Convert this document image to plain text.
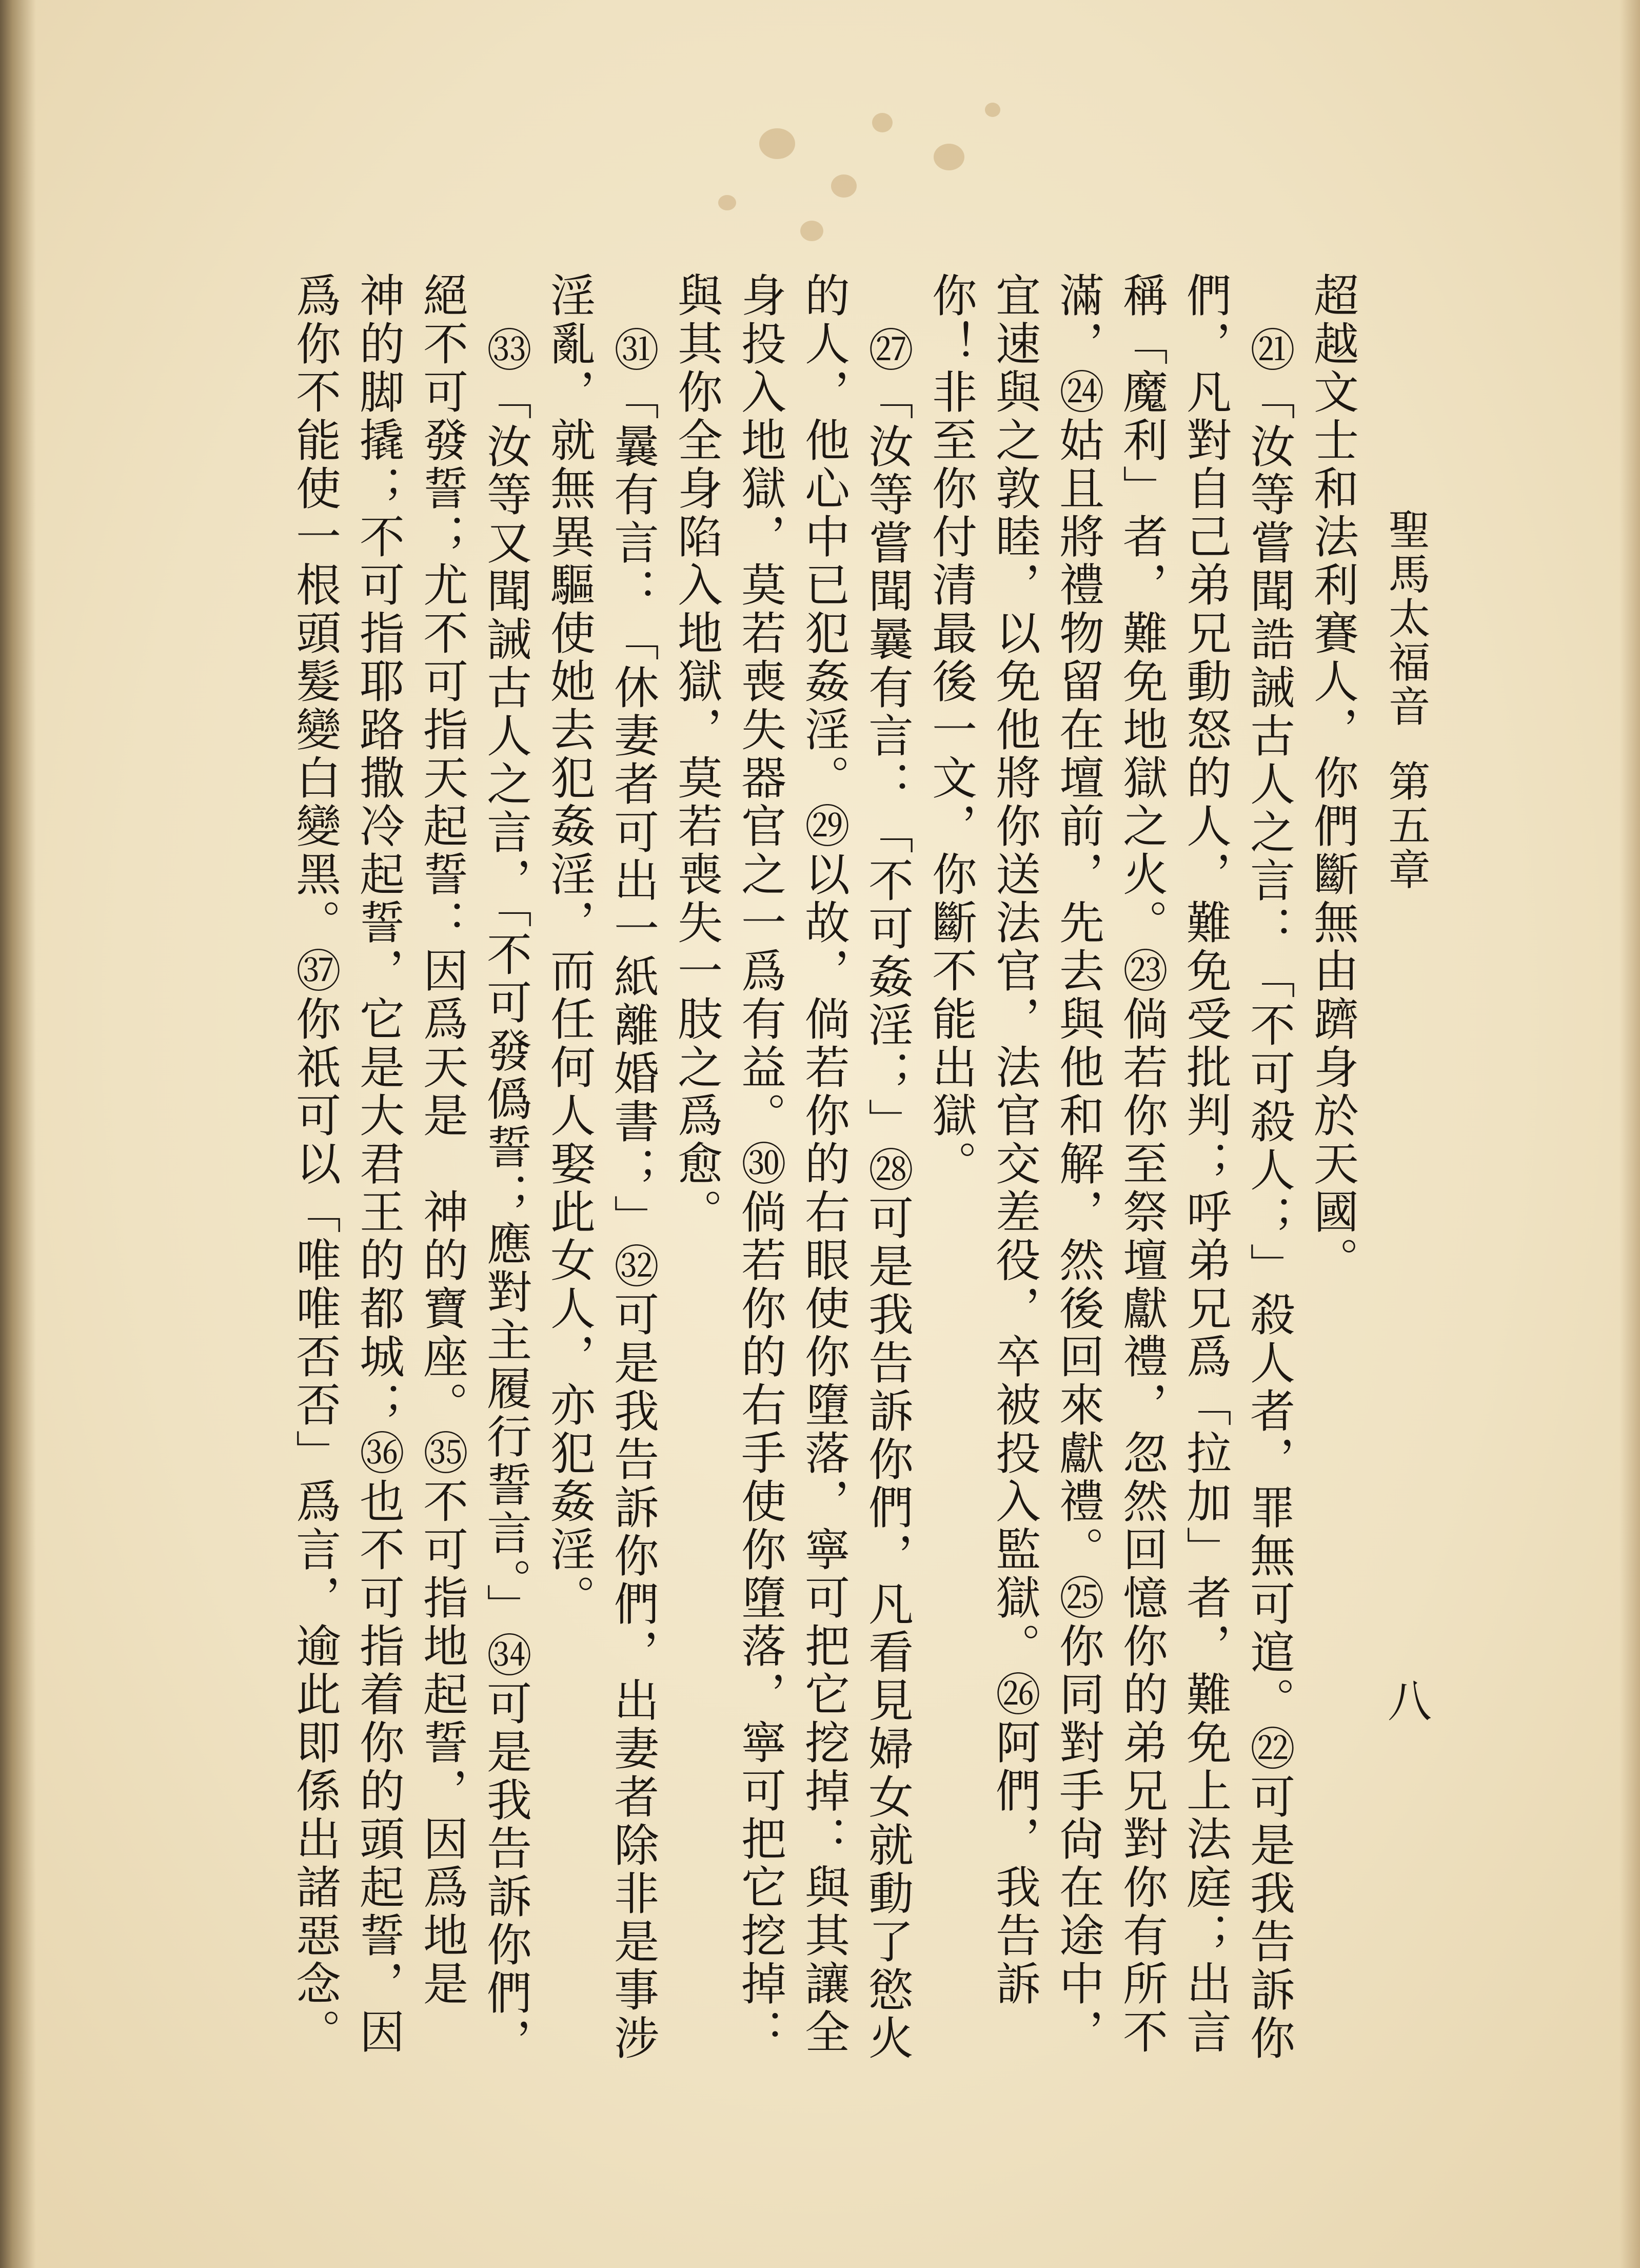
聖馬太福音
第五章
八

超越文士和法利賽人，你們斷無由躋身於天國。

㉑「汝等嘗聞誥誡古人之言：「不可殺人；」殺人者，罪無可逭。㉒可是我告訴你們，凡對自己弟兄動怒的人，難免受批判；呼弟兄爲「拉加」者，難免上法庭；出言稱「魔利」者，難免地獄之火。㉓倘若你至祭壇獻禮，忽然回憶你的弟兄對你有所不滿，㉔姑且將禮物留在壇前，先去與他和解，然後回來獻禮。㉕你同對手尙在途中，宜速與之敦睦，以免他將你送法官，法官交差役，卒被投入監獄。㉖阿們，我告訴你！非至你付清最後一文，你斷不能出獄。

㉗「汝等嘗聞曩有言：「不可姦淫；」㉘可是我告訴你們，凡看見婦女就動了慾火的人，他心中已犯姦淫。㉙以故，倘若你的右眼使你墮落，寧可把它挖掉：與其讓全身投入地獄，莫若喪失器官之一爲有益。㉚倘若你的右手使你墮落，寧可把它挖掉：與其你全身陷入地獄，莫若喪失一肢之爲愈。

㉛「曩有言：「休妻者可出一紙離婚書；」㉜可是我告訴你們，出妻者除非是事涉淫亂，就無異驅使她去犯姦淫，而任何人娶此女人，亦犯姦淫。

㉝「汝等又聞誡古人之言，「不可發僞誓；應對主履行誓言。」㉞可是我告訴你們，絕不可發誓；尤不可指天起誓：因爲天是　神的寶座。㉟不可指地起誓，因爲地是　神的脚撬；不可指耶路撒冷起誓，它是大君王的都城；㊱也不可指着你的頭起誓，因爲你不能使一根頭髮變白變黑。㊲你祇可以「唯唯否否」爲言，逾此即係出諸惡念。
